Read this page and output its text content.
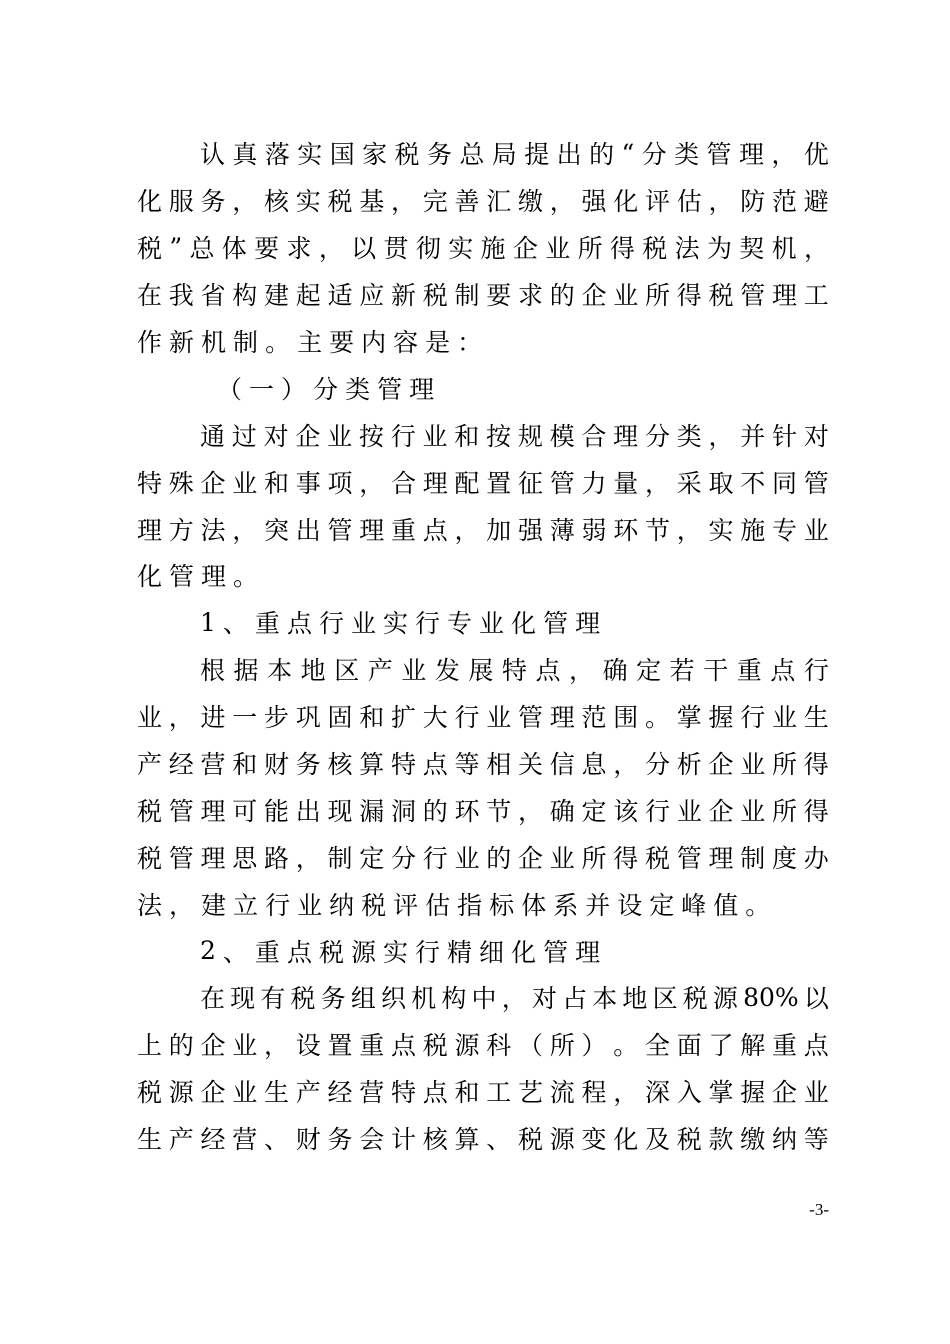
认 真 落 实 国 家 税 务 总 局 提 出 的 “ 分 类 管 理 ， 优
化 服 务 ， 核 实 税 基 ， 完 善 汇 缴 ， 强 化 评 估 ， 防 范 避
税 ” 总 体 要 求 ， 以 贯 彻 实 施 企 业 所 得 税 法 为 契 机 ，
在 我 省 构 建 起 适 应 新 税 制 要 求 的 企 业 所 得 税 管 理 工
作 新 机 制 。 主 要 内 容 是 ：
（ 一 ） 分 类 管 理
通 过 对 企 业 按 行 业 和 按 规 模 合 理 分 类 ， 并 针 对
特 殊 企 业 和 事 项 ， 合 理 配 置 征 管 力 量 ， 采 取 不 同 管
理 方 法 ， 突 出 管 理 重 点 ， 加 强 薄 弱 环 节 ， 实 施 专 业
化 管 理 。
1 、 重 点 行 业 实 行 专 业 化 管 理
根 据 本 地 区 产 业 发 展 特 点 ， 确 定 若 干 重 点 行
业 ， 进 一 步 巩 固 和 扩 大 行 业 管 理 范 围 。 掌 握 行 业 生
产 经 营 和 财 务 核 算 特 点 等 相 关 信 息 ， 分 析 企 业 所 得
税 管 理 可 能 出 现 漏 洞 的 环 节 ， 确 定 该 行 业 企 业 所 得
税 管 理 思 路 ， 制 定 分 行 业 的 企 业 所 得 税 管 理 制 度 办
法 ， 建 立 行 业 纳 税 评 估 指 标 体 系 并 设 定 峰 值 。
2 、 重 点 税 源 实 行 精 细 化 管 理
在 现 有 税 务 组 织 机 构 中 ， 对 占 本 地 区 税 源 80% 以
上 的 企 业 ， 设 置 重 点 税 源 科 （ 所 ） 。 全 面 了 解 重 点
税 源 企 业 生 产 经 营 特 点 和 工 艺 流 程 ， 深 入 掌 握 企 业
生 产 经 营 、 财 务 会 计 核 算 、 税 源 变 化 及 税 款 缴 纳 等
-3-
